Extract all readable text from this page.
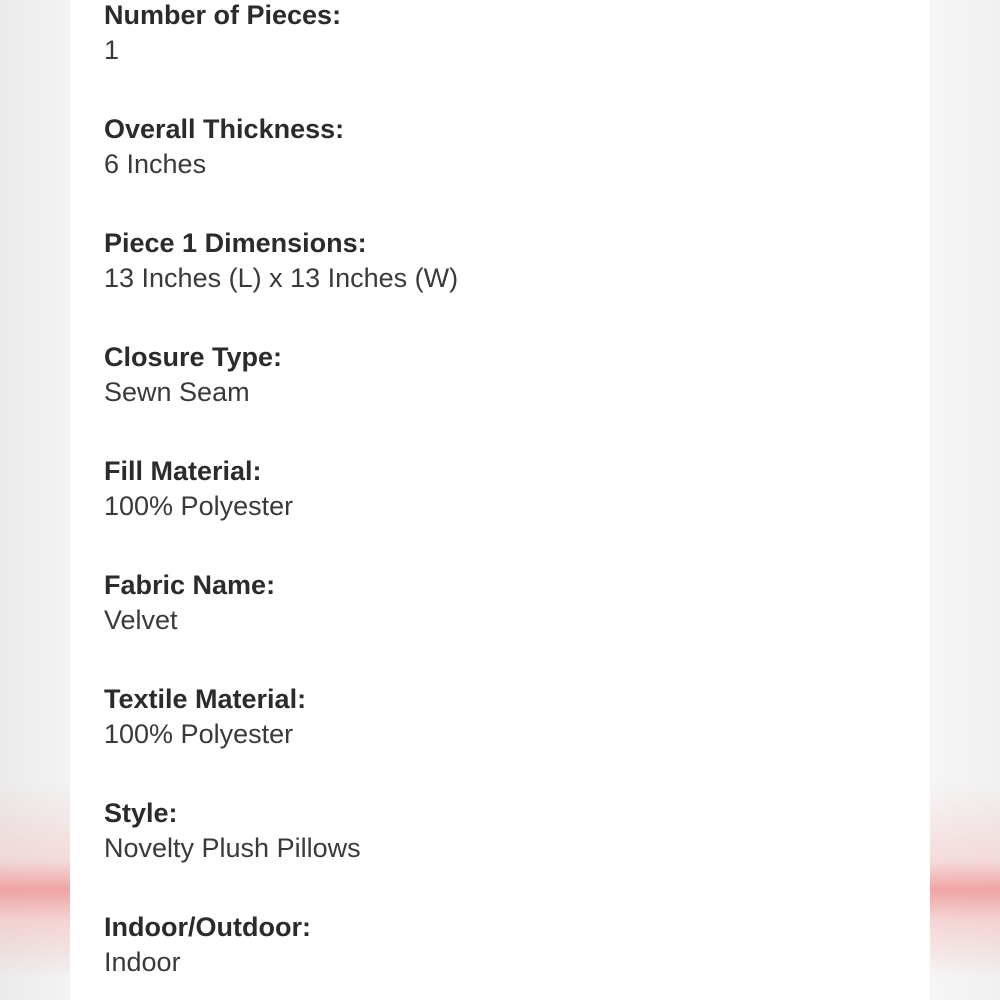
Number of Pieces:
1
Overall Thickness:
6 Inches
Piece 1 Dimensions:
13 Inches (L) x 13 Inches (W)
Closure Type:
Sewn Seam
Fill Material:
100% Polyester
Fabric Name:
Velvet
Textile Material:
100% Polyester
Style:
Novelty Plush Pillows
Indoor/Outdoor:
Indoor
